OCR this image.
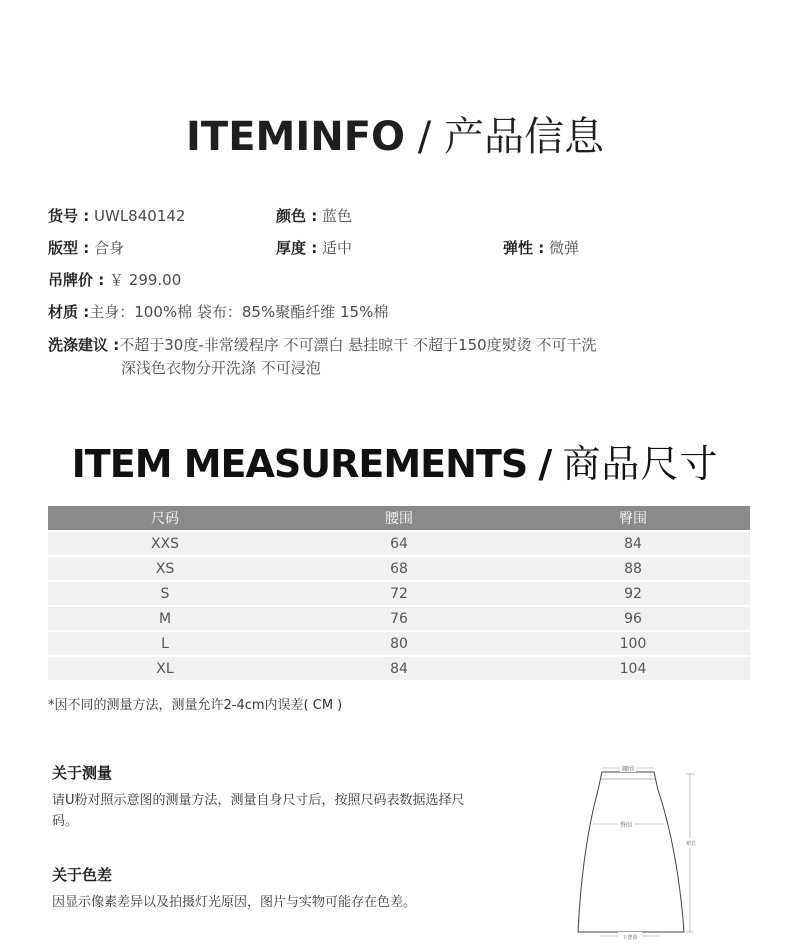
ITEMINFO / 产品信息
货号 : UWL840142	颜色 : 蓝色
版型 : 合身	厚度 : 适中	弹性 : 微弹
吊牌价 : ￥ 299.00
材质 :主身：100%棉 袋布：85%聚酯纤维 15%棉
洗涤建议 :不超于30度-非常缓程序 不可漂白 悬挂晾干 不超于150度熨烫 不可干洗
深浅色衣物分开洗涤 不可浸泡
ITEM MEASUREMENTS / 商品尺寸
尺码	腰围	臀围
XXS	64	84
XS	68	88
S	72	92
M	76	96
L	80	100
XL	84	104
*因不同的测量方法，测量允许2-4cm内误差( CM )
关于测量
请U粉对照示意图的测量方法，测量自身尺寸后，按照尺码表数据选择尺码。
关于色差
因显示像素差异以及拍摄灯光原因，图片与实物可能存在色差。
腰围
臀围
裙长
下摆围
